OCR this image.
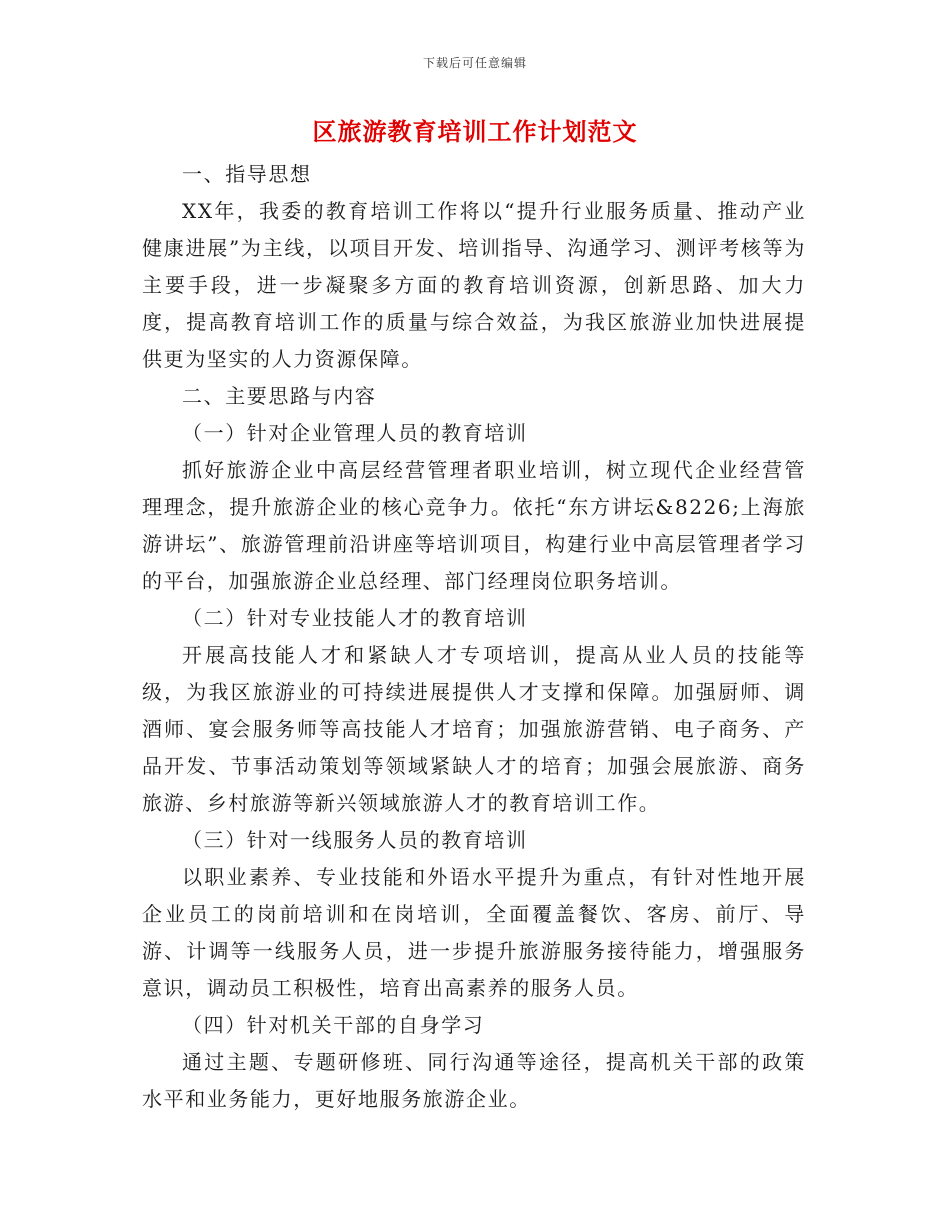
下载后可任意编辑
区旅游教育培训工作计划范文

一、指导思想

XX年，我委的教育培训工作将以“提升行业服务质量、推动产业健康进展”为主线，以项目开发、培训指导、沟通学习、测评考核等为主要手段，进一步凝聚多方面的教育培训资源，创新思路、加大力度，提高教育培训工作的质量与综合效益，为我区旅游业加快进展提供更为坚实的人力资源保障。

二、主要思路与内容

（一）针对企业管理人员的教育培训

抓好旅游企业中高层经营管理者职业培训，树立现代企业经营管理理念，提升旅游企业的核心竞争力。依托“东方讲坛&8226;上海旅游讲坛”、旅游管理前沿讲座等培训项目，构建行业中高层管理者学习的平台，加强旅游企业总经理、部门经理岗位职务培训。

（二）针对专业技能人才的教育培训

开展高技能人才和紧缺人才专项培训，提高从业人员的技能等级，为我区旅游业的可持续进展提供人才支撑和保障。加强厨师、调酒师、宴会服务师等高技能人才培育；加强旅游营销、电子商务、产品开发、节事活动策划等领域紧缺人才的培育；加强会展旅游、商务旅游、乡村旅游等新兴领域旅游人才的教育培训工作。

（三）针对一线服务人员的教育培训

以职业素养、专业技能和外语水平提升为重点，有针对性地开展企业员工的岗前培训和在岗培训，全面覆盖餐饮、客房、前厅、导游、计调等一线服务人员，进一步提升旅游服务接待能力，增强服务意识，调动员工积极性，培育出高素养的服务人员。

（四）针对机关干部的自身学习

通过主题、专题研修班、同行沟通等途径，提高机关干部的政策水平和业务能力，更好地服务旅游企业。
